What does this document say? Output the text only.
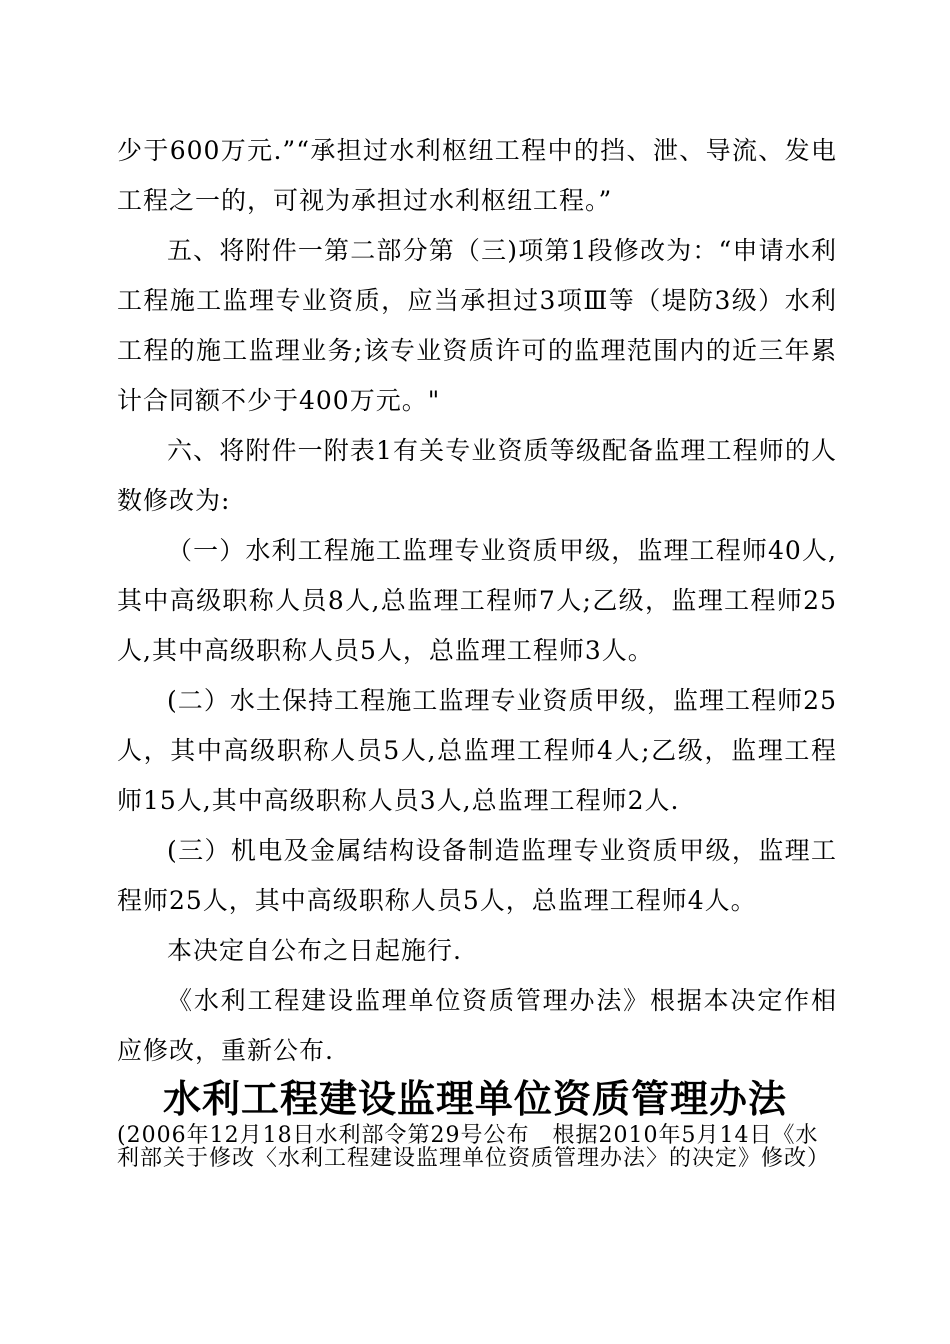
少于600万元.”“承担过水利枢纽工程中的挡、泄、导流、发电工程之一的，可视为承担过水利枢纽工程。”

五、将附件一第二部分第（三)项第1段修改为：“申请水利工程施工监理专业资质，应当承担过3项Ⅲ等（堤防3级）水利工程的施工监理业务;该专业资质许可的监理范围内的近三年累计合同额不少于400万元。"

六、将附件一附表1有关专业资质等级配备监理工程师的人数修改为:

（一）水利工程施工监理专业资质甲级，监理工程师40人,其中高级职称人员8人,总监理工程师7人;乙级，监理工程师25人,其中高级职称人员5人，总监理工程师3人。

(二）水土保持工程施工监理专业资质甲级，监理工程师25人，其中高级职称人员5人,总监理工程师4人;乙级，监理工程师15人,其中高级职称人员3人,总监理工程师2人.

(三）机电及金属结构设备制造监理专业资质甲级，监理工程师25人，其中高级职称人员5人，总监理工程师4人。

本决定自公布之日起施行.

《水利工程建设监理单位资质管理办法》根据本决定作相应修改，重新公布.

水利工程建设监理单位资质管理办法

(2006年12月18日水利部令第29号公布　根据2010年5月14日《水利部关于修改〈水利工程建设监理单位资质管理办法〉的决定》修改）
